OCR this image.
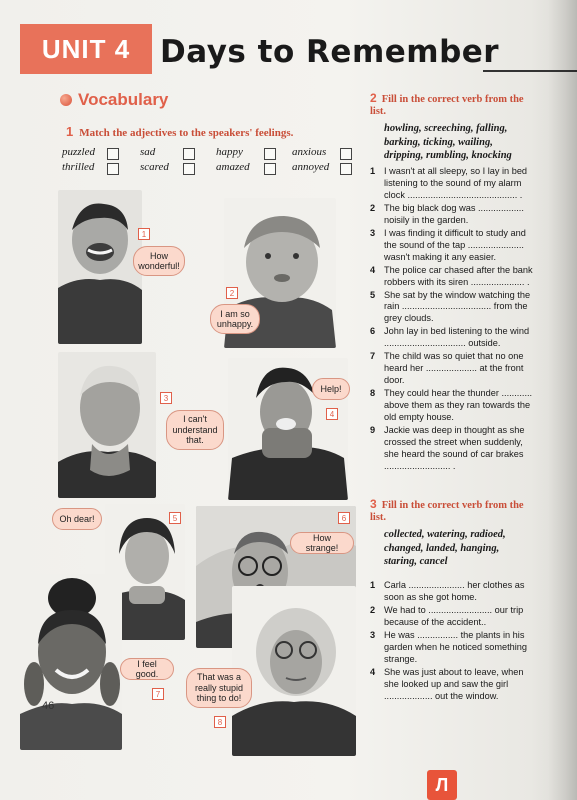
UNIT 4 Days to Remember
Vocabulary
1 Match the adjectives to the speakers' feelings.
puzzled	sad	happy	anxious
thrilled	scared	amazed	annoyed
1
How wonderful!
2
I am so unhappy.
3
I can't understand that.
Help!
4
Oh dear!	5
I feel good.
7
6
How strange!
That was a really stupid thing to do!
8
46
2 Fill in the correct verb from the list.
howling, screeching, falling, barking, ticking, wailing, dripping, rumbling, knocking
1 I wasn't at all sleepy, so I lay in bed listening to the sound of my alarm clock ........................................... .
2 The big black dog was .................. noisily in the garden.
3 I was finding it difficult to study and the sound of the tap ...................... wasn't making it any easier.
4 The police car chased after the bank robbers with its siren ..................... .
5 She sat by the window watching the rain ................................... from the grey clouds.
6 John lay in bed listening to the wind ................................ outside.
7 The child was so quiet that no one heard her .................... at the front door.
8 They could hear the thunder ............ above them as they ran towards the old empty house.
9 Jackie was deep in thought as she crossed the street when suddenly, she heard the sound of car brakes .......................... .
3 Fill in the correct verb from the list.
collected, watering, radioed, changed, landed, hanging, staring, cancel
1 Carla ...................... her clothes as soon as she got home.
2 We had to ......................... our trip because of the accident..
3 He was ................ the plants in his garden when he noticed something strange.
4 She was just about to leave, when she looked up and saw the girl ................... out the window.
Л
